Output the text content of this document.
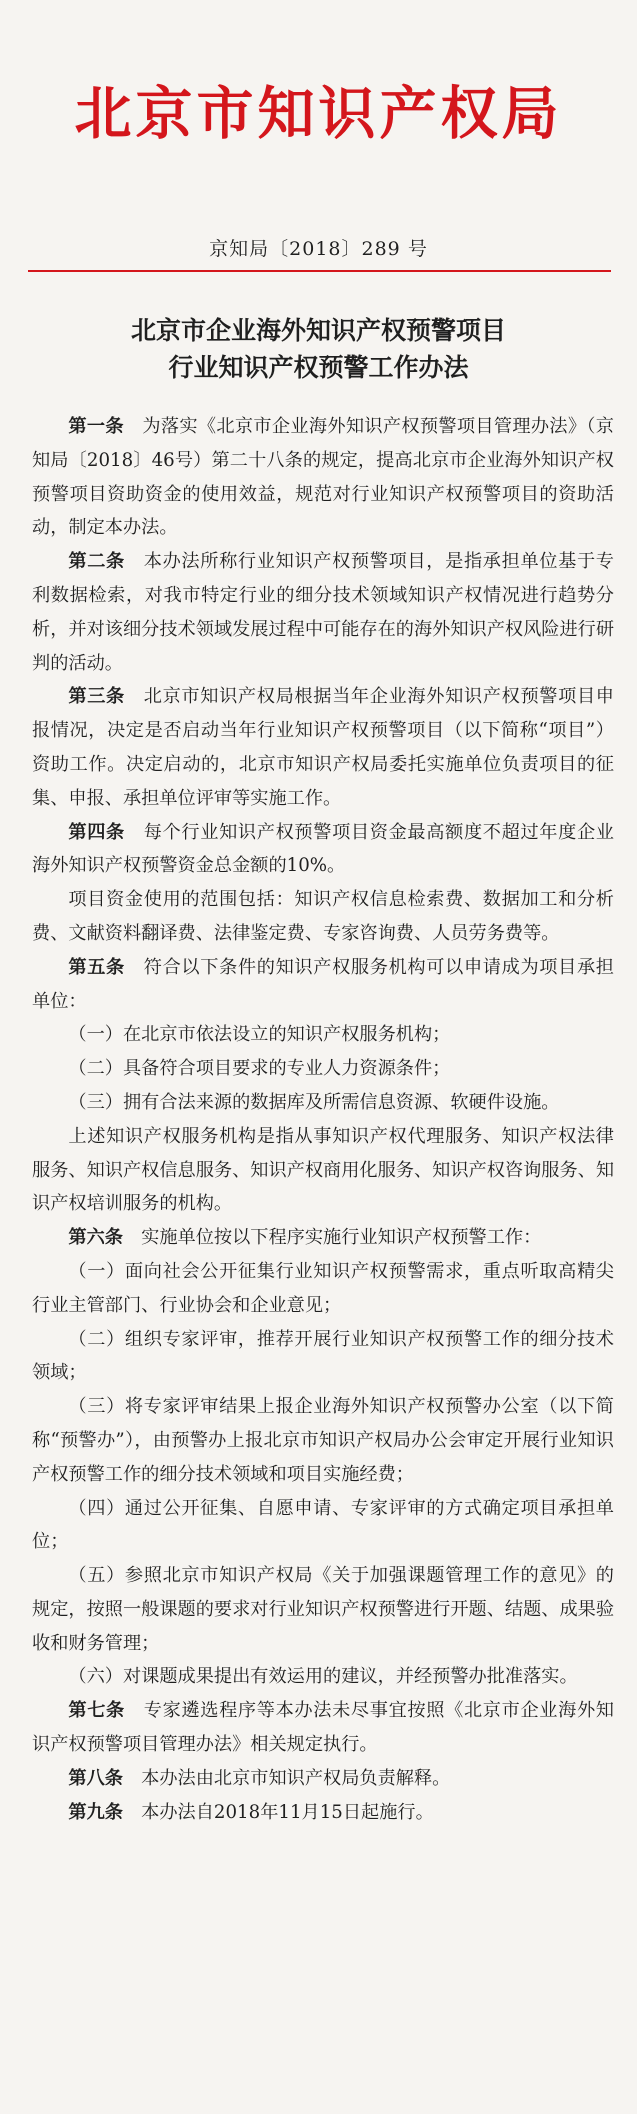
北京市知识产权局
京知局〔2018〕289 号
北京市企业海外知识产权预警项目
行业知识产权预警工作办法

第一条  为落实《北京市企业海外知识产权预警项目管理办法》（京知局〔2018〕46号）第二十八条的规定，提高北京市企业海外知识产权预警项目资助资金的使用效益，规范对行业知识产权预警项目的资助活动，制定本办法。

第二条  本办法所称行业知识产权预警项目，是指承担单位基于专利数据检索，对我市特定行业的细分技术领域知识产权情况进行趋势分析，并对该细分技术领域发展过程中可能存在的海外知识产权风险进行研判的活动。

第三条  北京市知识产权局根据当年企业海外知识产权预警项目申报情况，决定是否启动当年行业知识产权预警项目（以下简称“项目”）资助工作。决定启动的，北京市知识产权局委托实施单位负责项目的征集、申报、承担单位评审等实施工作。

第四条  每个行业知识产权预警项目资金最高额度不超过年度企业海外知识产权预警资金总金额的10%。

项目资金使用的范围包括：知识产权信息检索费、数据加工和分析费、文献资料翻译费、法律鉴定费、专家咨询费、人员劳务费等。

第五条  符合以下条件的知识产权服务机构可以申请成为项目承担单位：

（一）在北京市依法设立的知识产权服务机构；

（二）具备符合项目要求的专业人力资源条件；

（三）拥有合法来源的数据库及所需信息资源、软硬件设施。

上述知识产权服务机构是指从事知识产权代理服务、知识产权法律服务、知识产权信息服务、知识产权商用化服务、知识产权咨询服务、知识产权培训服务的机构。

第六条  实施单位按以下程序实施行业知识产权预警工作：

（一）面向社会公开征集行业知识产权预警需求，重点听取高精尖行业主管部门、行业协会和企业意见；

（二）组织专家评审，推荐开展行业知识产权预警工作的细分技术领域；

（三）将专家评审结果上报企业海外知识产权预警办公室（以下简称“预警办”），由预警办上报北京市知识产权局办公会审定开展行业知识产权预警工作的细分技术领域和项目实施经费；

（四）通过公开征集、自愿申请、专家评审的方式确定项目承担单位；

（五）参照北京市知识产权局《关于加强课题管理工作的意见》的规定，按照一般课题的要求对行业知识产权预警进行开题、结题、成果验收和财务管理；

（六）对课题成果提出有效运用的建议，并经预警办批准落实。

第七条  专家遴选程序等本办法未尽事宜按照《北京市企业海外知识产权预警项目管理办法》相关规定执行。

第八条  本办法由北京市知识产权局负责解释。

第九条  本办法自2018年11月15日起施行。
